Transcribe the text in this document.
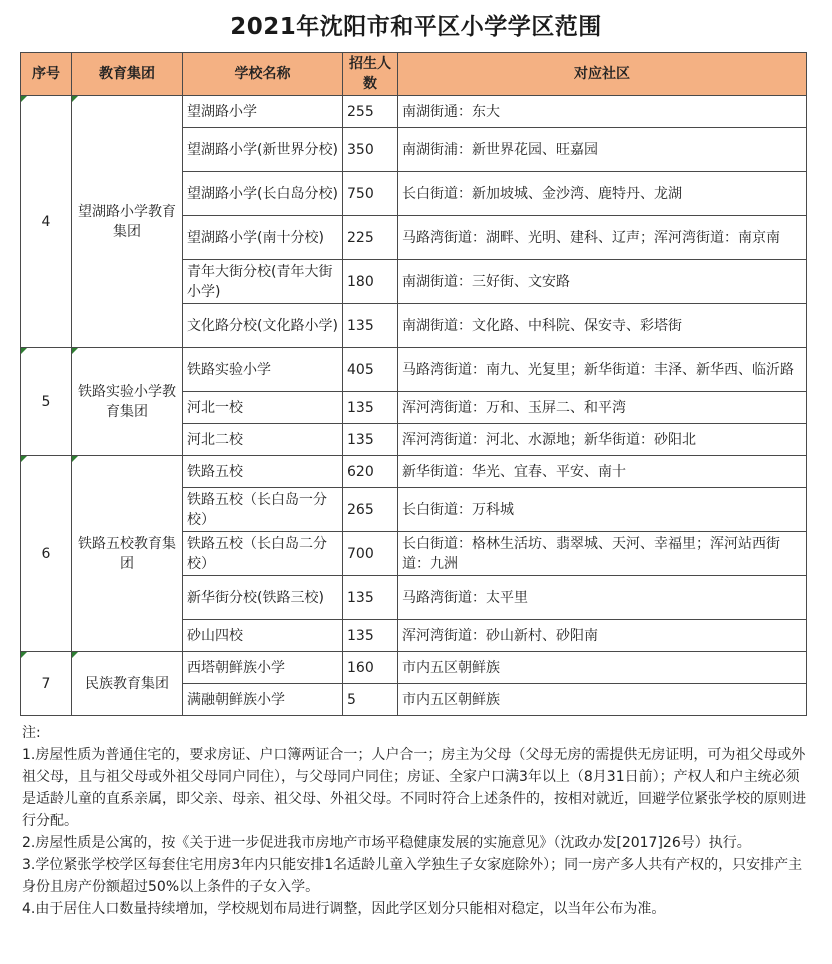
2021年沈阳市和平区小学学区范围
序号	教育集团	学校名称	招生人数	对应社区
4	望湖路小学教育集团	望湖路小学	255	南湖街通：东大
		望湖路小学(新世界分校)	350	南湖街浦：新世界花园、旺嘉园
		望湖路小学(长白岛分校)	750	长白街道：新加坡城、金沙湾、鹿特丹、龙湖
		望湖路小学(南十分校)	225	马路湾街道：湖畔、光明、建科、辽声；浑河湾街道：南京南
		青年大街分校(青年大街小学)	180	南湖街道：三好街、文安路
		文化路分校(文化路小学)	135	南湖街道：文化路、中科院、保安寺、彩塔街
5	铁路实验小学教育集团	铁路实验小学	405	马路湾街道：南九、光复里；新华街道：丰泽、新华西、临沂路
		河北一校	135	浑河湾街道：万和、玉屏二、和平湾
		河北二校	135	浑河湾街道：河北、水源地；新华街道：砂阳北
6	铁路五校教育集团	铁路五校	620	新华街道：华光、宜春、平安、南十
		铁路五校（长白岛一分校）	265	长白街道：万科城
		铁路五校（长白岛二分校）	700	长白街道：格林生活坊、翡翠城、天河、幸福里；浑河站西街道：九洲
		新华街分校(铁路三校)	135	马路湾街道：太平里
		砂山四校	135	浑河湾街道：砂山新村、砂阳南
7	民族教育集团	西塔朝鲜族小学	160	市内五区朝鲜族
		满融朝鲜族小学	5	市内五区朝鲜族

注:

1.房屋性质为普通住宅的，要求房证、户口簿两证合一；人户合一；房主为父母（父母无房的需提供无房证明，可为祖父母或外祖父母，且与祖父母或外祖父母同户同住），与父母同户同住；房证、全家户口满3年以上（8月31日前）；产权人和户主统必须是适龄儿童的直系亲属，即父亲、母亲、祖父母、外祖父母。不同时符合上述条件的，按相对就近，回避学位紧张学校的原则进行分配。

2.房屋性质是公寓的，按《关于进一步促进我市房地产市场平稳健康发展的实施意见》（沈政办发[2017]26号）执行。

3.学位紧张学校学区每套住宅用房3年内只能安排1名适龄儿童入学独生子女家庭除外）；同一房产多人共有产权的，只安排产主身份且房产份额超过50%以上条件的子女入学。

4.由于居住人口数量持续增加，学校规划布局进行调整，因此学区划分只能相对稳定，以当年公布为准。
